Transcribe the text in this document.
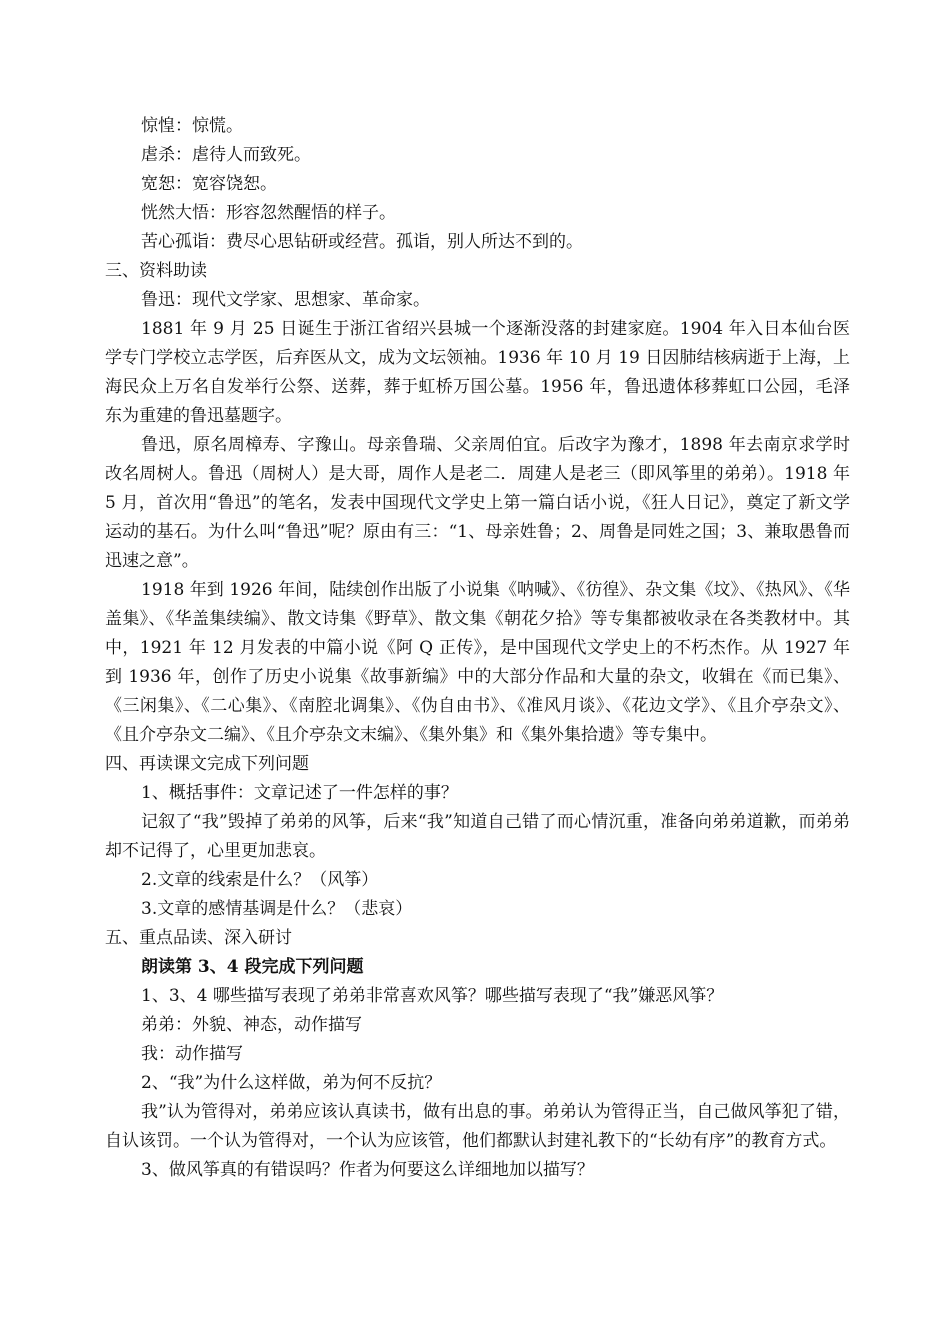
惊惶：惊慌。
虐杀：虐待人而致死。
宽恕：宽容饶恕。
恍然大悟：形容忽然醒悟的样子。
苦心孤诣：费尽心思钻研或经营。孤诣，别人所达不到的。
三、资料助读
鲁迅：现代文学家、思想家、革命家。
1881 年 9 月 25 日诞生于浙江省绍兴县城一个逐渐没落的封建家庭。1904 年入日本仙台医学专门学校立志学医，后弃医从文，成为文坛领袖。1936 年 10 月 19 日因肺结核病逝于上海，上海民众上万名自发举行公祭、送葬，葬于虹桥万国公墓。1956 年，鲁迅遗体移葬虹口公园，毛泽东为重建的鲁迅墓题字。
鲁迅，原名周樟寿、字豫山。母亲鲁瑞、父亲周伯宜。后改字为豫才，1898 年去南京求学时改名周树人。鲁迅（周树人）是大哥，周作人是老二．周建人是老三（即风筝里的弟弟）。1918 年 5 月，首次用“鲁迅”的笔名，发表中国现代文学史上第一篇白话小说，《狂人日记》，奠定了新文学运动的基石。为什么叫“鲁迅”呢？原由有三：“1、母亲姓鲁；2、周鲁是同姓之国；3、兼取愚鲁而迅速之意”。
1918 年到 1926 年间，陆续创作出版了小说集《呐喊》、《彷徨》、杂文集《坟》、《热风》、《华盖集》、《华盖集续编》、散文诗集《野草》、散文集《朝花夕拾》等专集都被收录在各类教材中。其中，1921 年 12 月发表的中篇小说《阿 Q 正传》，是中国现代文学史上的不朽杰作。从 1927 年到 1936 年，创作了历史小说集《故事新编》中的大部分作品和大量的杂文，收辑在《而已集》、《三闲集》、《二心集》、《南腔北调集》、《伪自由书》、《准风月谈》、《花边文学》、《且介亭杂文》、《且介亭杂文二编》、《且介亭杂文末编》、《集外集》和《集外集拾遗》等专集中。
四、再读课文完成下列问题
1、概括事件：文章记述了一件怎样的事？
记叙了“我”毁掉了弟弟的风筝，后来“我”知道自己错了而心情沉重，准备向弟弟道歉，而弟弟却不记得了，心里更加悲哀。
2.文章的线索是什么？（风筝）
3.文章的感情基调是什么？（悲哀）
五、重点品读、深入研讨
朗读第 3、4 段完成下列问题
1、3、4 哪些描写表现了弟弟非常喜欢风筝？哪些描写表现了“我”嫌恶风筝？
弟弟：外貌、神态，动作描写
我：动作描写
2、“我”为什么这样做，弟为何不反抗？
我”认为管得对，弟弟应该认真读书，做有出息的事。弟弟认为管得正当，自己做风筝犯了错，自认该罚。一个认为管得对，一个认为应该管，他们都默认封建礼教下的“长幼有序”的教育方式。
3、做风筝真的有错误吗？作者为何要这么详细地加以描写？
